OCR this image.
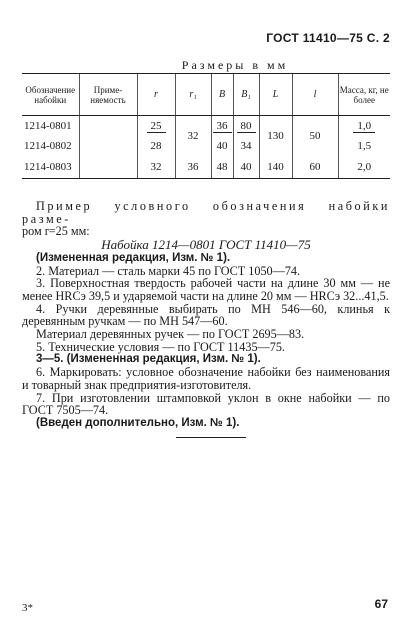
ГОСТ 11410—75 С. 2
Размеры в мм
Обозначение набойки	Приме-няемость	r	r₁	B	B₁	L	l	Масса, кг, не более
1214-0801		25	32	36	80	130	50	1,0
1214-0802		28		40	34			1,5
1214-0803		32	36	48	40	140	60	2,0

Пример условного обозначения набойки разме-

ром r=25 мм:

Набойка 1214—0801 ГОСТ 11410—75

(Измененная редакция, Изм. № 1).

2. Материал — сталь марки 45 по ГОСТ 1050—74.

3. Поверхностная твердость рабочей части на длине 30 мм — не менее HRCэ 39,5 и ударяемой части на длине 20 мм — HRCэ 32...41,5.

4. Ручки деревянные выбирать по МН 546—60, клинья к деревянным ручкам — по МН 547—60.

Материал деревянных ручек — по ГОСТ 2695—83.

5. Технические условия — по ГОСТ 11435—75.

3—5. (Измененная редакция, Изм. № 1).

6. Маркировать: условное обозначение набойки без наименования и товарный знак предприятия-изготовителя.

7. При изготовлении штамповкой уклон в окне набойки — по ГОСТ 7505—74.

(Введен дополнительно, Изм. № 1).

3*	67
